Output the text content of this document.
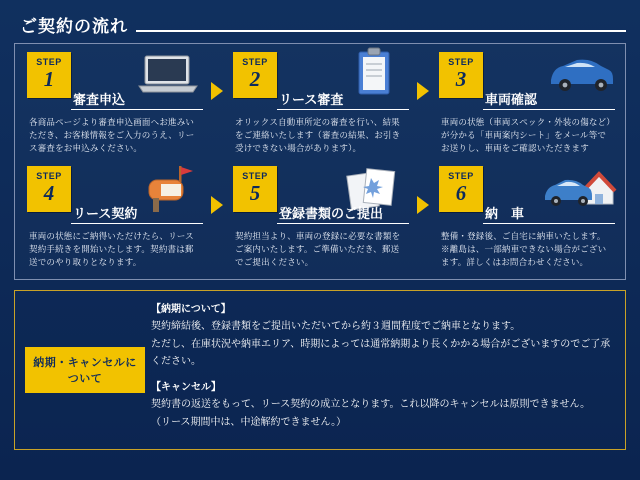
ご契約の流れ
STEP
1
審査申込
各商品ページより審査申込画面へお進みいただき、お客様情報をご入力のうえ、リース審査をお申込みください。
STEP
2
リース審査
オリックス自動車所定の審査を行い、結果をご連絡いたします（審査の結果、お引き受けできない場合があります）。
STEP
3
車両確認
車両の状態（車両スペック・外装の傷など）が分かる「車両案内シート」をメール等でお送りし、車両をご確認いただきます
STEP
4
リース契約
車両の状態にご納得いただけたら、リース契約手続きを開始いたします。契約書は郵送でのやり取りとなります。
STEP
5
登録書類のご提出
契約担当より、車両の登録に必要な書類をご案内いたします。ご準備いただき、郵送でご提出ください。
STEP
6
納　車
整備・登録後、ご自宅に納車いたします。※離島は、一部納車できない場合がございます。詳しくはお問合わせください。
納期・キャンセルについて

【納期について】

契約締結後、登録書類をご提出いただいてから約３週間程度でご納車となります。

ただし、在庫状況や納車エリア、時期によっては通常納期より長くかかる場合がございますのでご了承ください。

【キャンセル】

契約書の返送をもって、リース契約の成立となります。これ以降のキャンセルは原則できません。

（リース期間中は、中途解約できません。）
